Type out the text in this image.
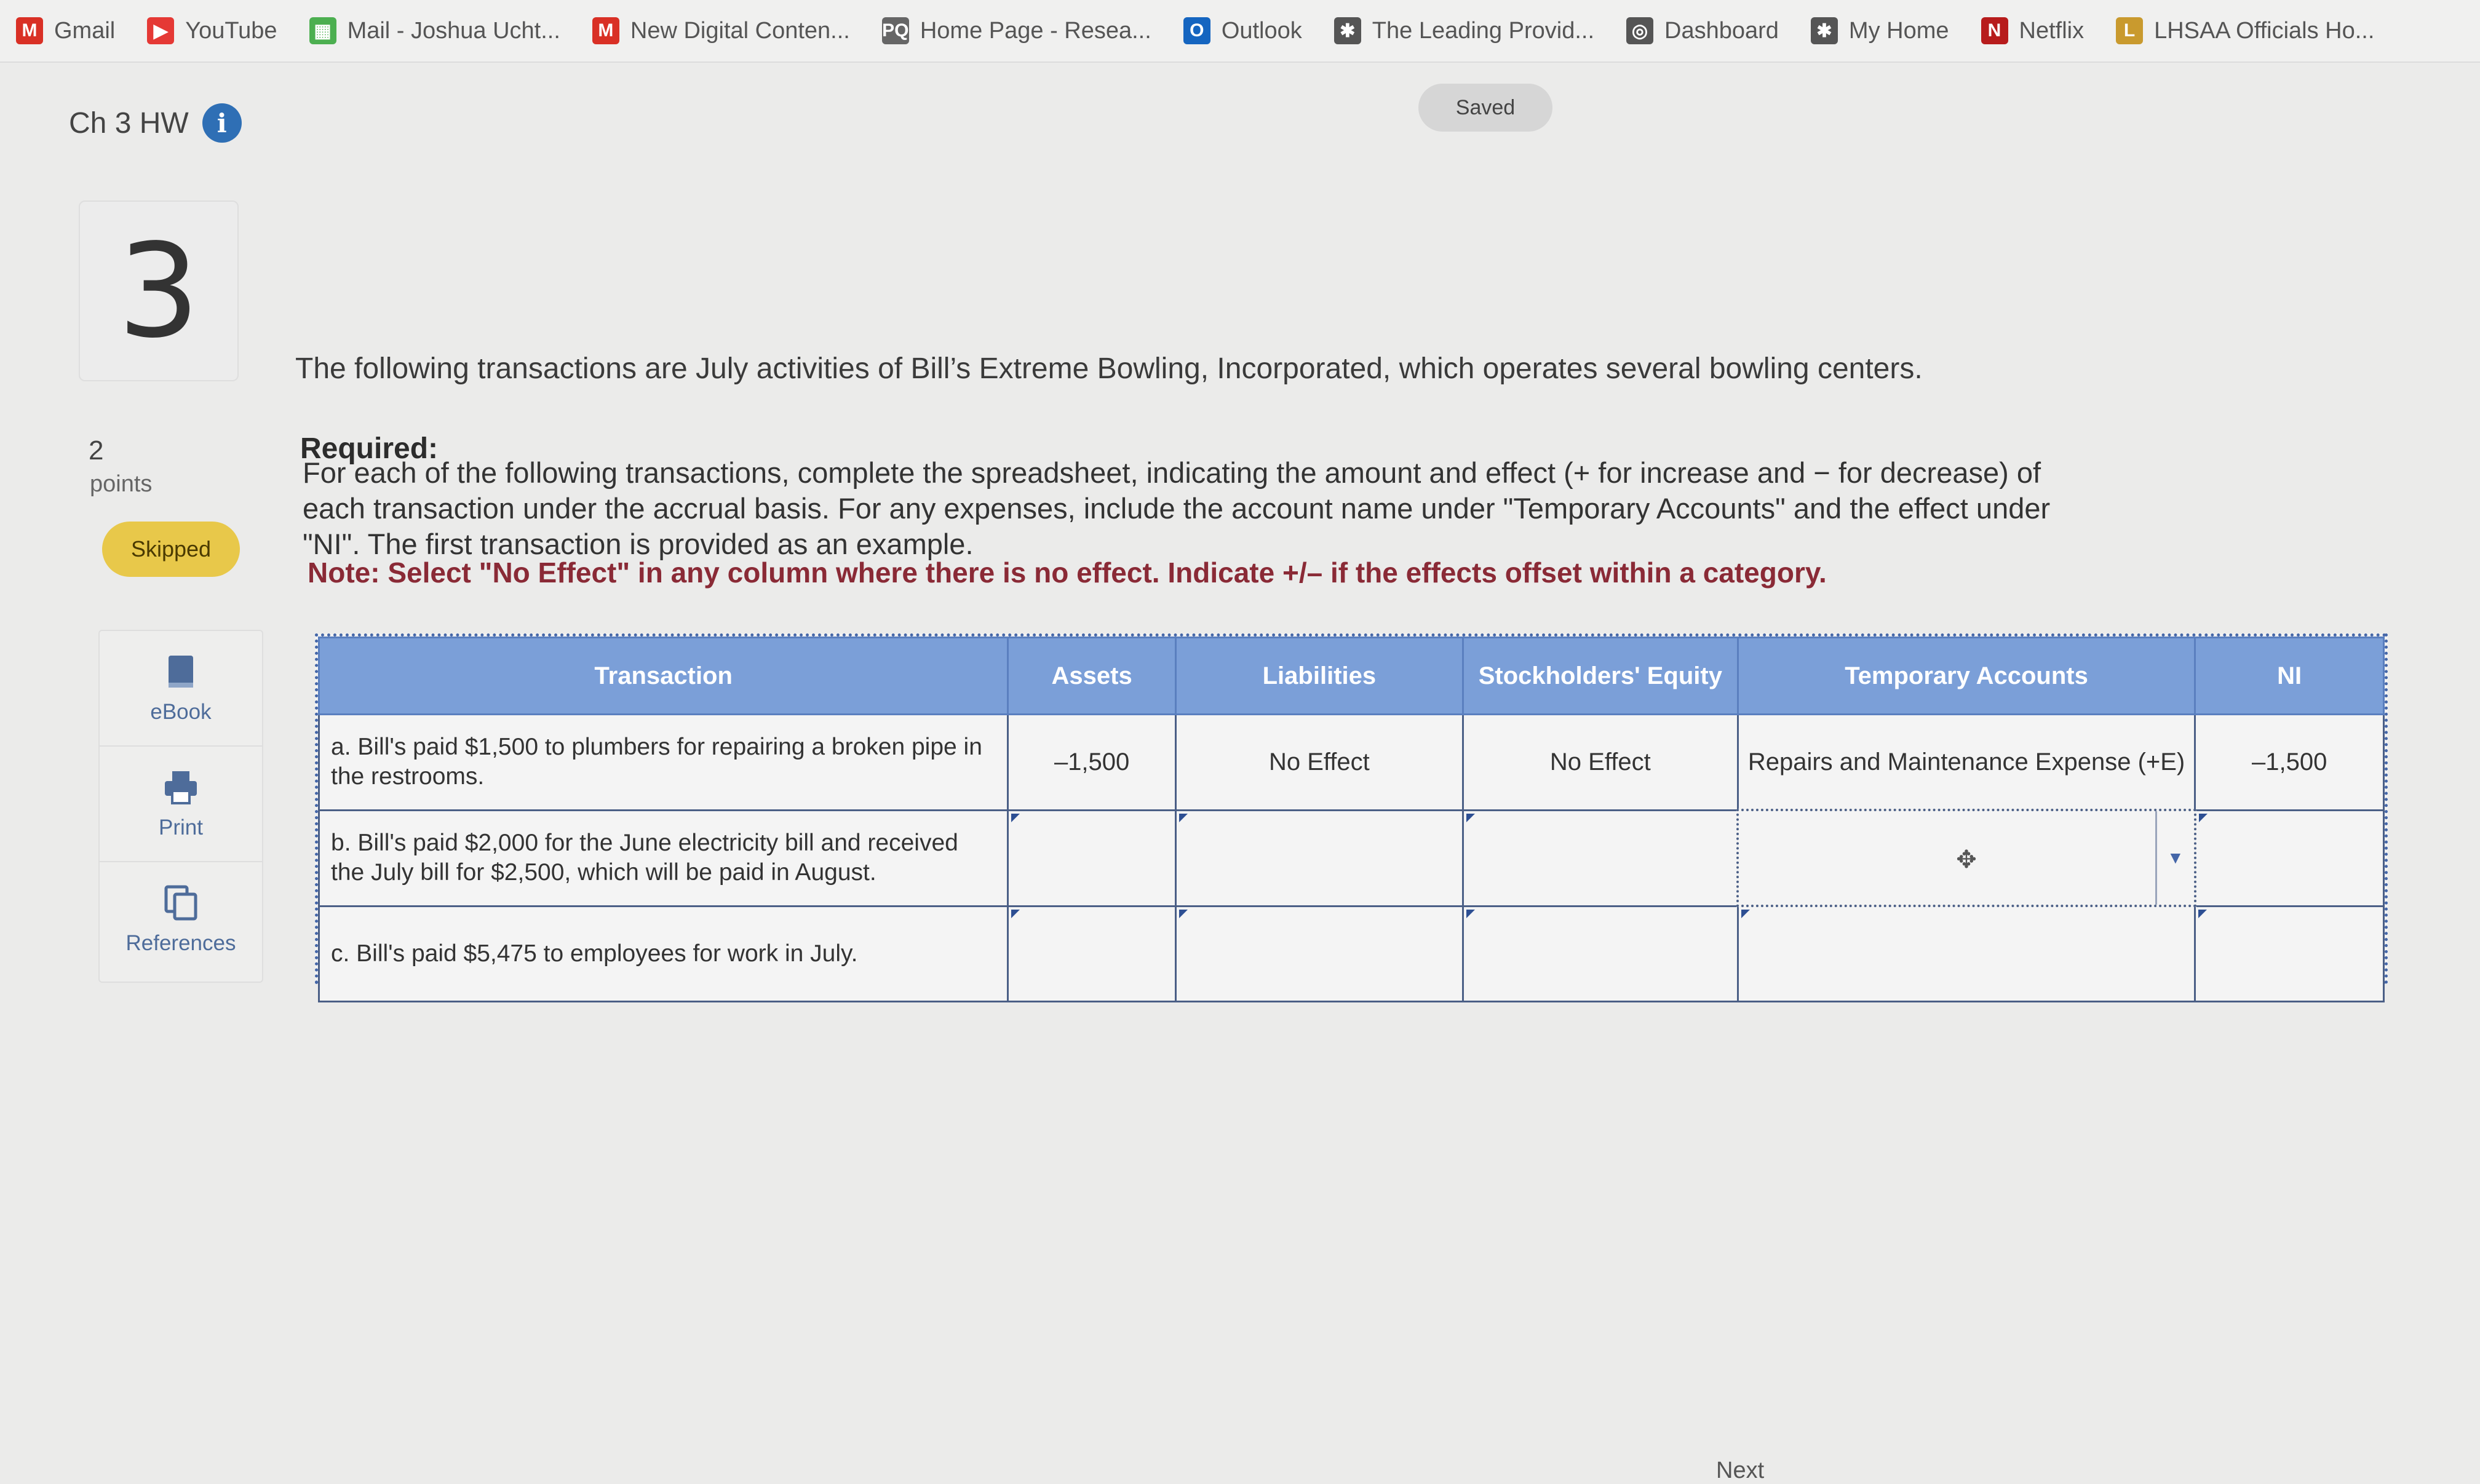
M Gmail	▶ YouTube ▦ Mail - Joshua Ucht...	M New Digital Conten... PQ Home Page - Resea...	O Outlook	✱ The Leading Provid... ◎ Dashboard	✱ My Home	N Netflix	L LHSAA Officials Ho...
Ch 3 HW	i
Saved
3
2
points
Skipped
eBook
Print
References
The following transactions are July activities of Bill’s Extreme Bowling, Incorporated, which operates several bowling centers.
Required:
For each of the following transactions, complete the spreadsheet, indicating the amount and effect (+ for increase and − for decrease) of each transaction under the accrual basis. For any expenses, include the account name under "Temporary Accounts" and the effect under "NI". The first transaction is provided as an example.
Note: Select "No Effect" in any column where there is no effect. Indicate +/– if the effects offset within a category.
Transaction	Assets	Liabilities	Stockholders' Equity	Temporary Accounts	NI
a. Bill's paid $1,500 to plumbers for repairing a broken pipe in the restrooms.	–1,500	No Effect	No Effect	Repairs and Maintenance Expense (+E)	–1,500
b. Bill's paid $2,000 for the June electricity bill and received the July bill for $2,500, which will be paid in August.				✥ ▼	

c. Bill's paid $5,475 to employees for work in July.					
Next
